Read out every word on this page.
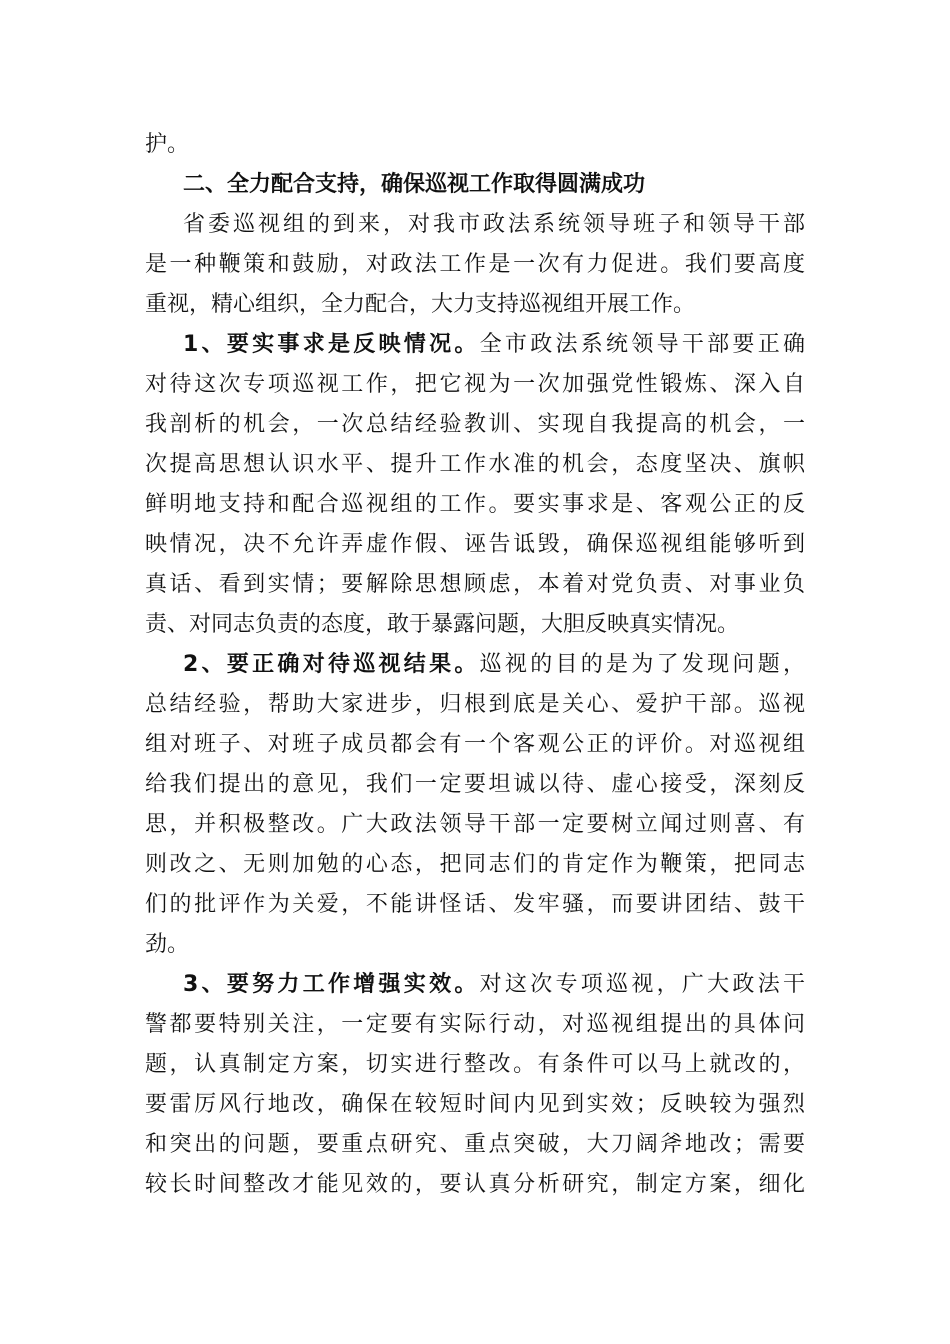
护。
二、全力配合支持，确保巡视工作取得圆满成功
省委巡视组的到来，对我市政法系统领导班子和领导干部
是一种鞭策和鼓励，对政法工作是一次有力促进。我们要高度
重视，精心组织，全力配合，大力支持巡视组开展工作。
1、要实事求是反映情况。全市政法系统领导干部要正确
对待这次专项巡视工作，把它视为一次加强党性锻炼、深入自
我剖析的机会，一次总结经验教训、实现自我提高的机会，一
次提高思想认识水平、提升工作水准的机会，态度坚决、旗帜
鲜明地支持和配合巡视组的工作。要实事求是、客观公正的反
映情况，决不允许弄虚作假、诬告诋毁，确保巡视组能够听到
真话、看到实情；要解除思想顾虑，本着对党负责、对事业负
责、对同志负责的态度，敢于暴露问题，大胆反映真实情况。
2、要正确对待巡视结果。巡视的目的是为了发现问题，
总结经验，帮助大家进步，归根到底是关心、爱护干部。巡视
组对班子、对班子成员都会有一个客观公正的评价。对巡视组
给我们提出的意见，我们一定要坦诚以待、虚心接受，深刻反
思，并积极整改。广大政法领导干部一定要树立闻过则喜、有
则改之、无则加勉的心态，把同志们的肯定作为鞭策，把同志
们的批评作为关爱，不能讲怪话、发牢骚，而要讲团结、鼓干
劲。
3、要努力工作增强实效。对这次专项巡视，广大政法干
警都要特别关注，一定要有实际行动，对巡视组提出的具体问
题，认真制定方案，切实进行整改。有条件可以马上就改的，
要雷厉风行地改，确保在较短时间内见到实效；反映较为强烈
和突出的问题，要重点研究、重点突破，大刀阔斧地改；需要
较长时间整改才能见效的，要认真分析研究，制定方案，细化
